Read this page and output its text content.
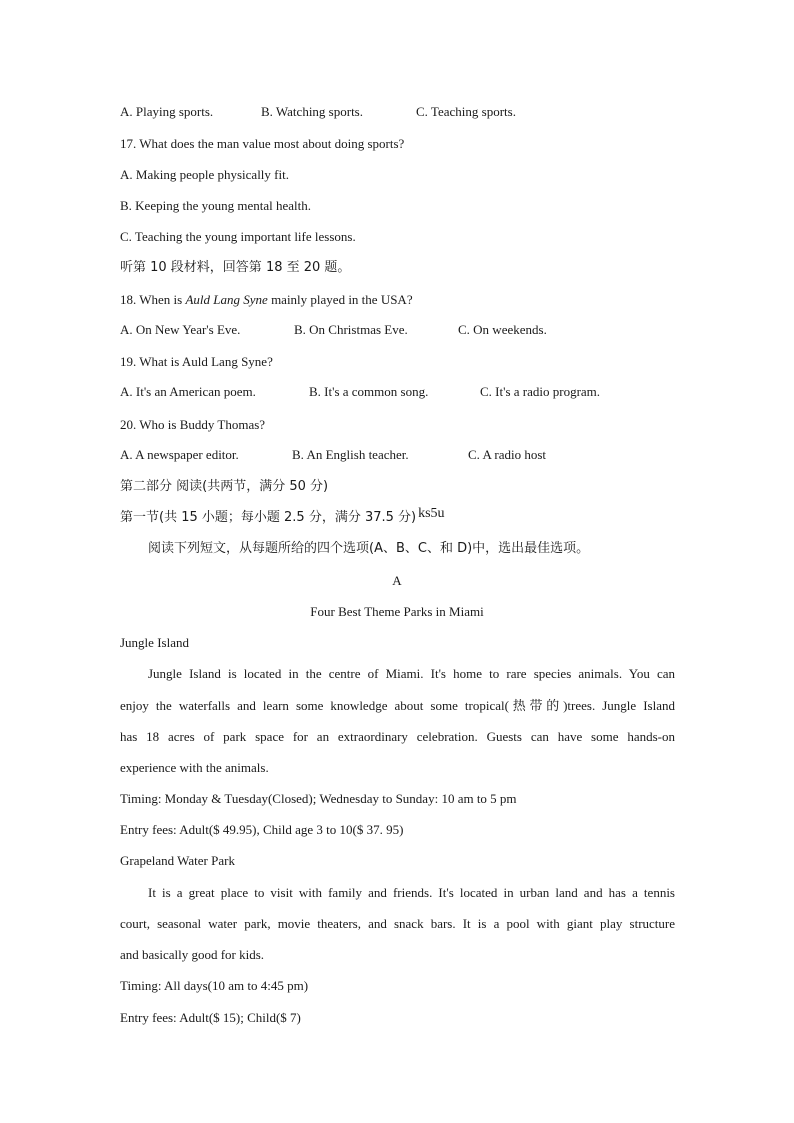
A. Playing sports.	B. Watching sports.	C. Teaching sports.
17. What does the man value most about doing sports?
A. Making people physically fit.
B. Keeping the young mental health.
C. Teaching the young important life lessons.
听第 10 段材料，回答第 18 至 20 题。
18. When is Auld Lang Syne mainly played in the USA?
A. On New Year's Eve.	B. On Christmas Eve.	C. On weekends.
19. What is Auld Lang Syne?
A. It's an American poem.	B. It's a common song.	C. It's a radio program.
20. Who is Buddy Thomas?
A. A newspaper editor.	B. An English teacher.	C. A radio host
第二部分 阅读(共两节，满分 50 分)
第一节(共 15 小题；每小题 2.5 分，满分 37.5 分) ks5u
阅读下列短文，从每题所给的四个选项(A、B、C、和 D)中，选出最佳选项。
A
Four Best Theme Parks in Miami
Jungle Island
Jungle Island is located in the centre of Miami. It's home to rare species animals. You can
enjoy the waterfalls and learn some knowledge about some tropical(热带的)trees. Jungle Island
has 18 acres of park space for an extraordinary celebration. Guests can have some hands-on
experience with the animals.
Timing: Monday & Tuesday(Closed); Wednesday to Sunday: 10 am to 5 pm
Entry fees: Adult($ 49.95), Child age 3 to 10($ 37. 95)
Grapeland Water Park
It is a great place to visit with family and friends. It's located in urban land and has a tennis
court, seasonal water park, movie theaters, and snack bars. It is a pool with giant play structure
and basically good for kids.
Timing: All days(10 am to 4:45 pm)
Entry fees: Adult($ 15); Child($ 7)
